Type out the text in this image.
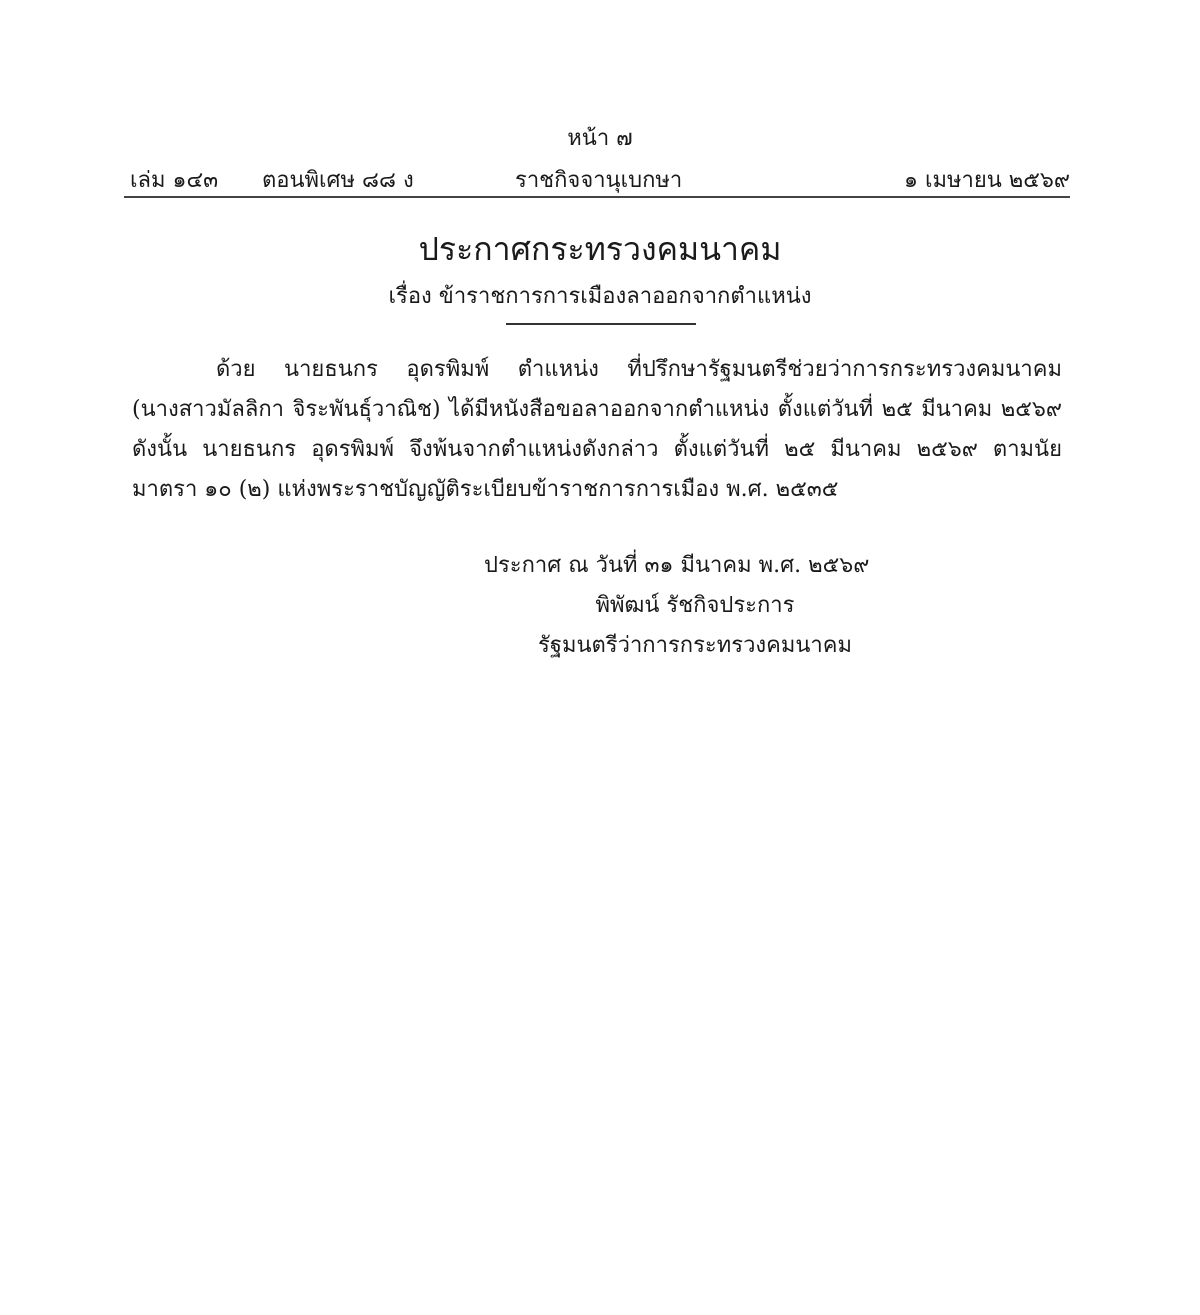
หน้า ๗
เล่ม ๑๔๓ ตอนพิเศษ ๘๘ ง	ราชกิจจานุเบกษา	๑ เมษายน ๒๕๖๙
ประกาศกระทรวงคมนาคม
เรื่อง ข้าราชการการเมืองลาออกจากตำแหน่ง

ด้วย นายธนกร อุดรพิมพ์ ตำแหน่ง ที่ปรึกษารัฐมนตรีช่วยว่าการกระทรวงคมนาคม (นางสาวมัลลิกา จิระพันธุ์วาณิช) ได้มีหนังสือขอลาออกจากตำแหน่ง ตั้งแต่วันที่ ๒๕ มีนาคม ๒๕๖๙ ดังนั้น นายธนกร อุดรพิมพ์ จึงพ้นจากตำแหน่งดังกล่าว ตั้งแต่วันที่ ๒๕ มีนาคม ๒๕๖๙ ตามนัยมาตรา ๑๐ (๒) แห่งพระราชบัญญัติระเบียบข้าราชการการเมือง พ.ศ. ๒๕๓๕

ประกาศ ณ วันที่ ๓๑ มีนาคม พ.ศ. ๒๕๖๙
พิพัฒน์ รัชกิจประการ
รัฐมนตรีว่าการกระทรวงคมนาคม
